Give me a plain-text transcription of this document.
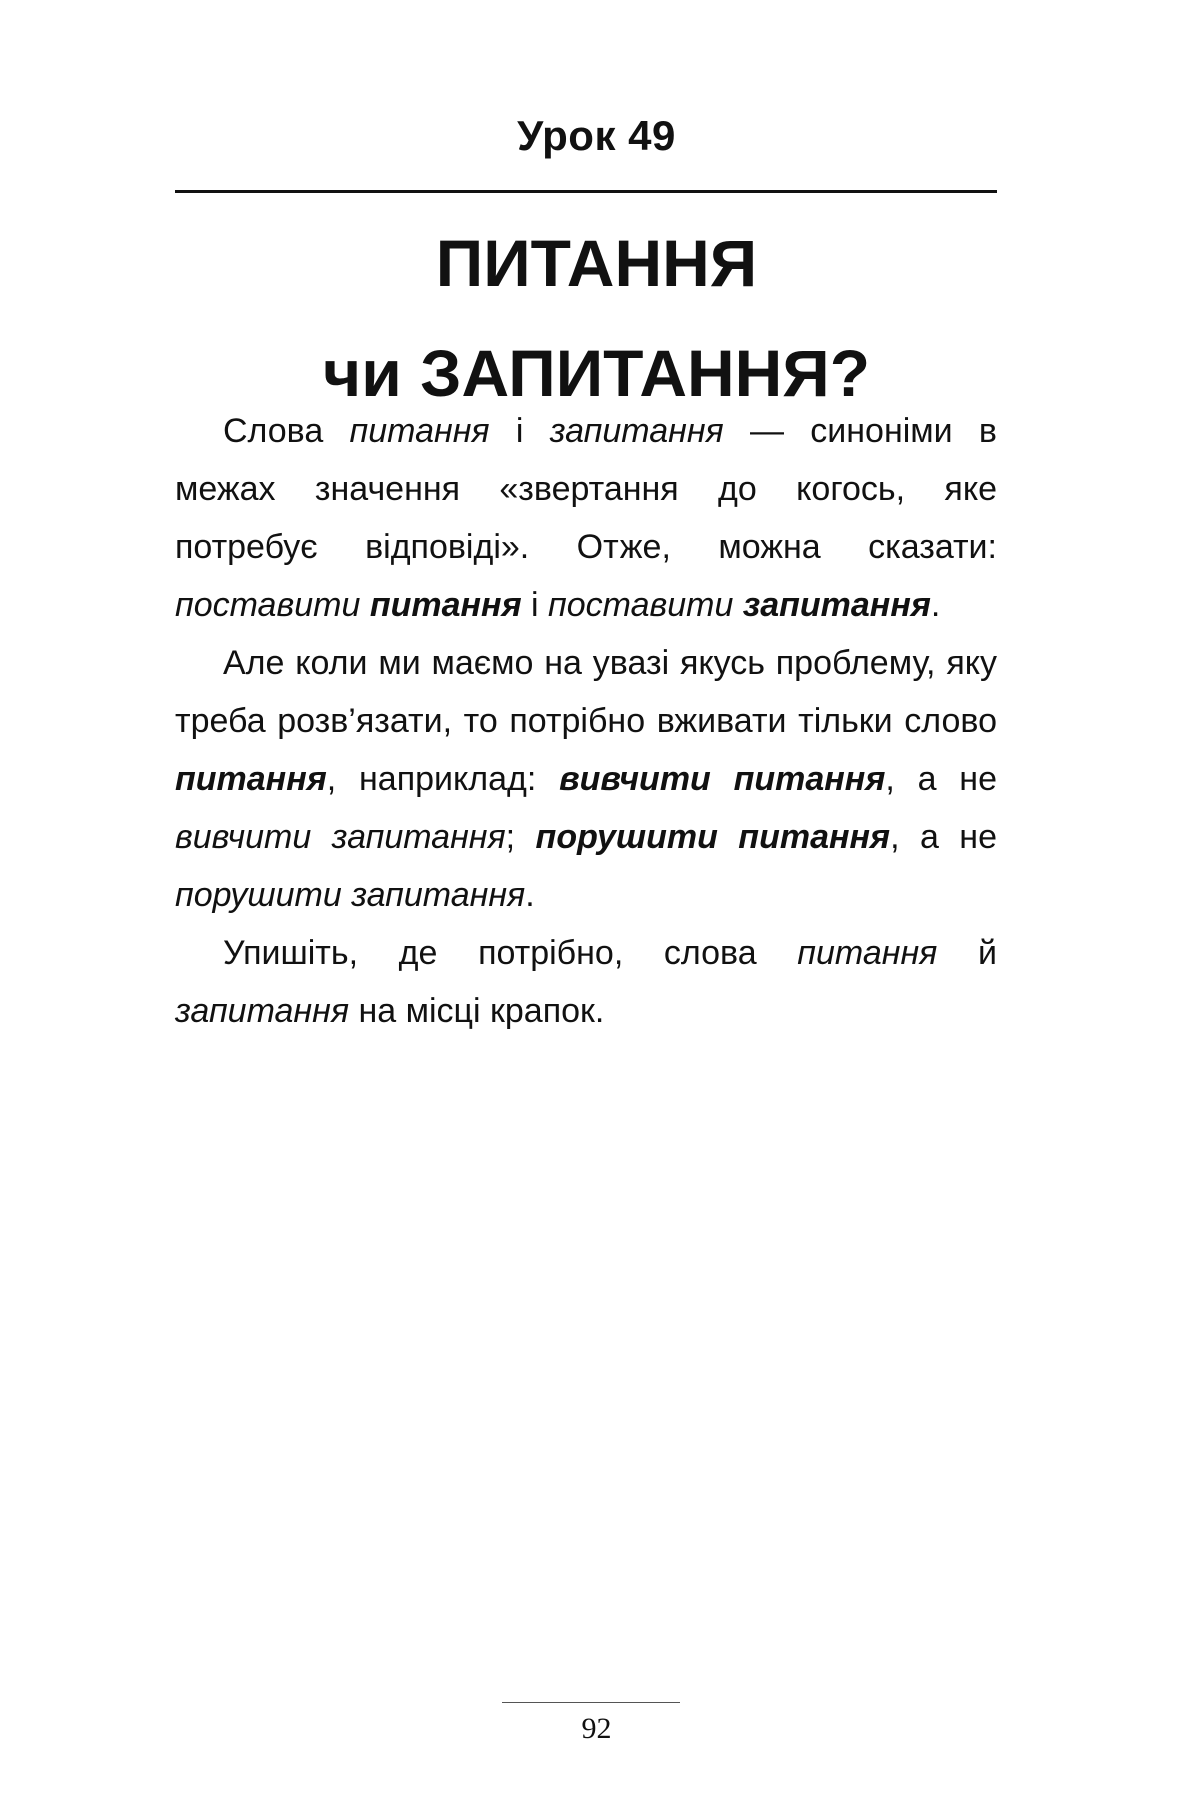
Урок 49
ПИТАННЯ
чи ЗАПИТАННЯ?

Слова питання і запитання — синоніми в межах значення «звертання до когось, яке потребує відповіді». Отже, можна сказати: поставити питання і поставити запитання.

Але коли ми маємо на увазі якусь проблему, яку треба розв’язати, то потрібно вживати тільки слово питання, наприклад: вивчити питання, а не вивчити запитання; порушити питання, а не порушити запитання.

Упишіть, де потрібно, слова питання й запитання на місці крапок.

92
